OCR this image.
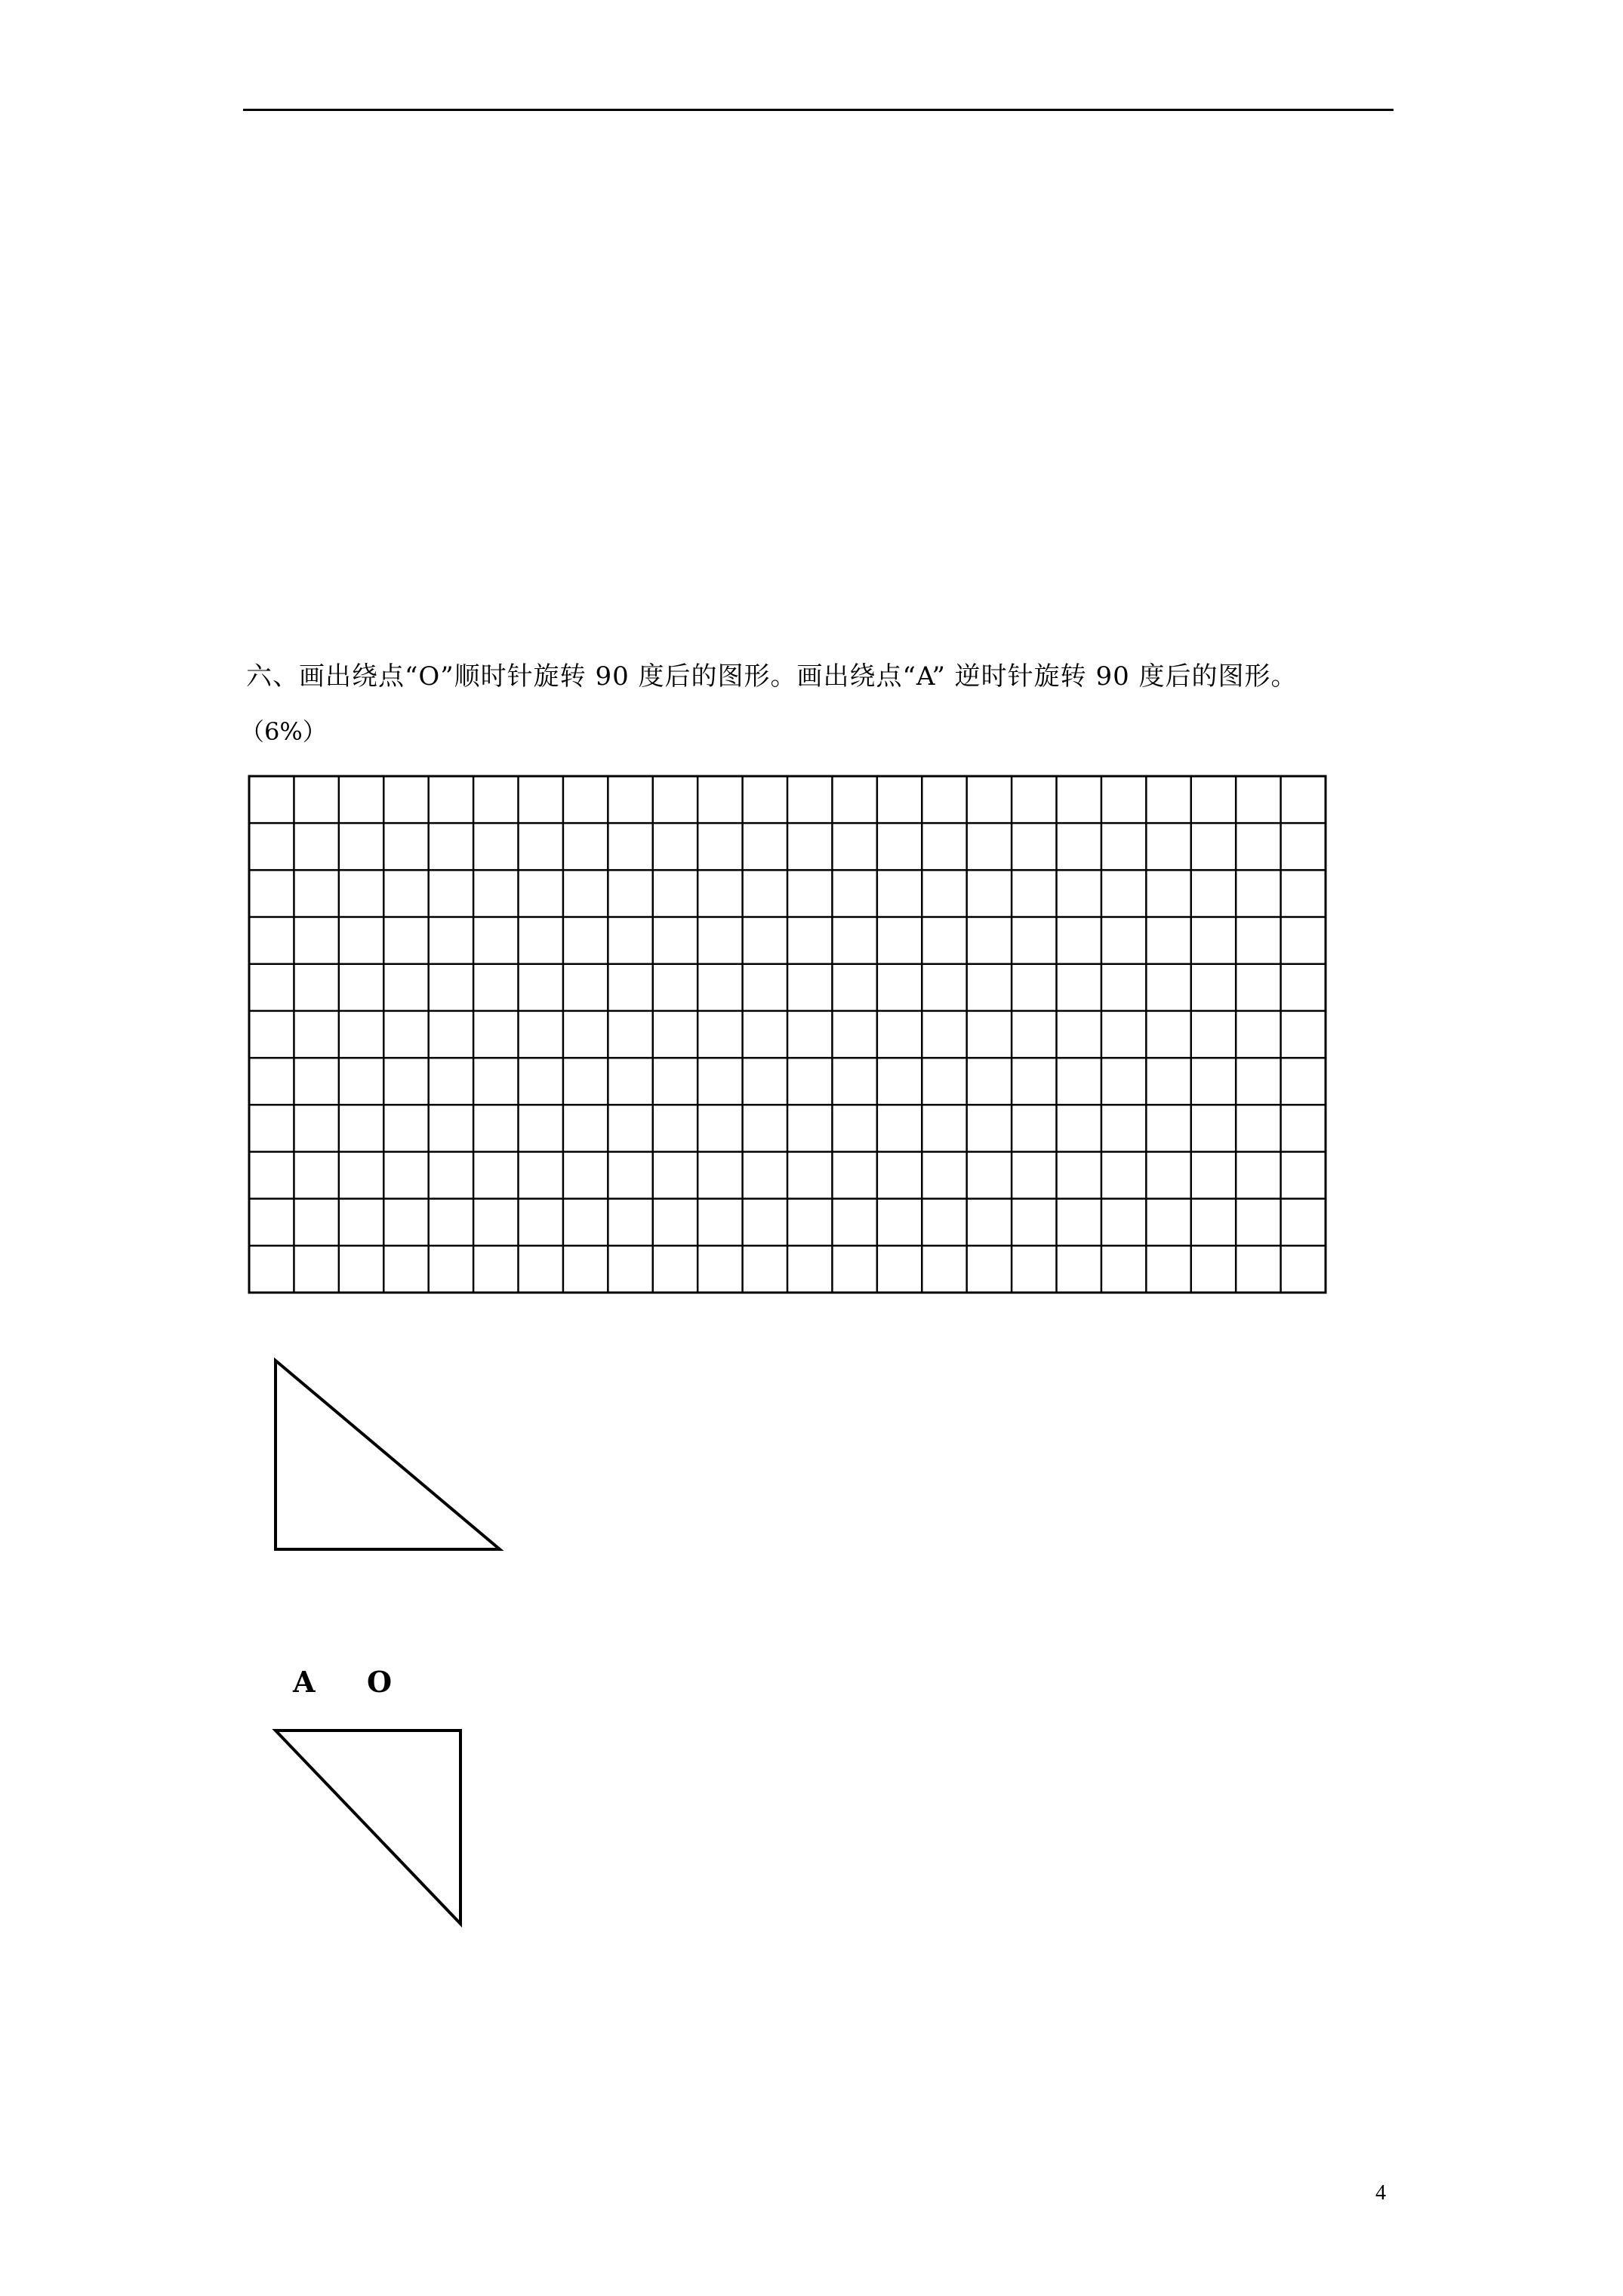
六、画出绕点“O”顺时针旋转 90 度后的图形。画出绕点“A” 逆时针旋转 90 度后的图形。
（6%）
A O
4
